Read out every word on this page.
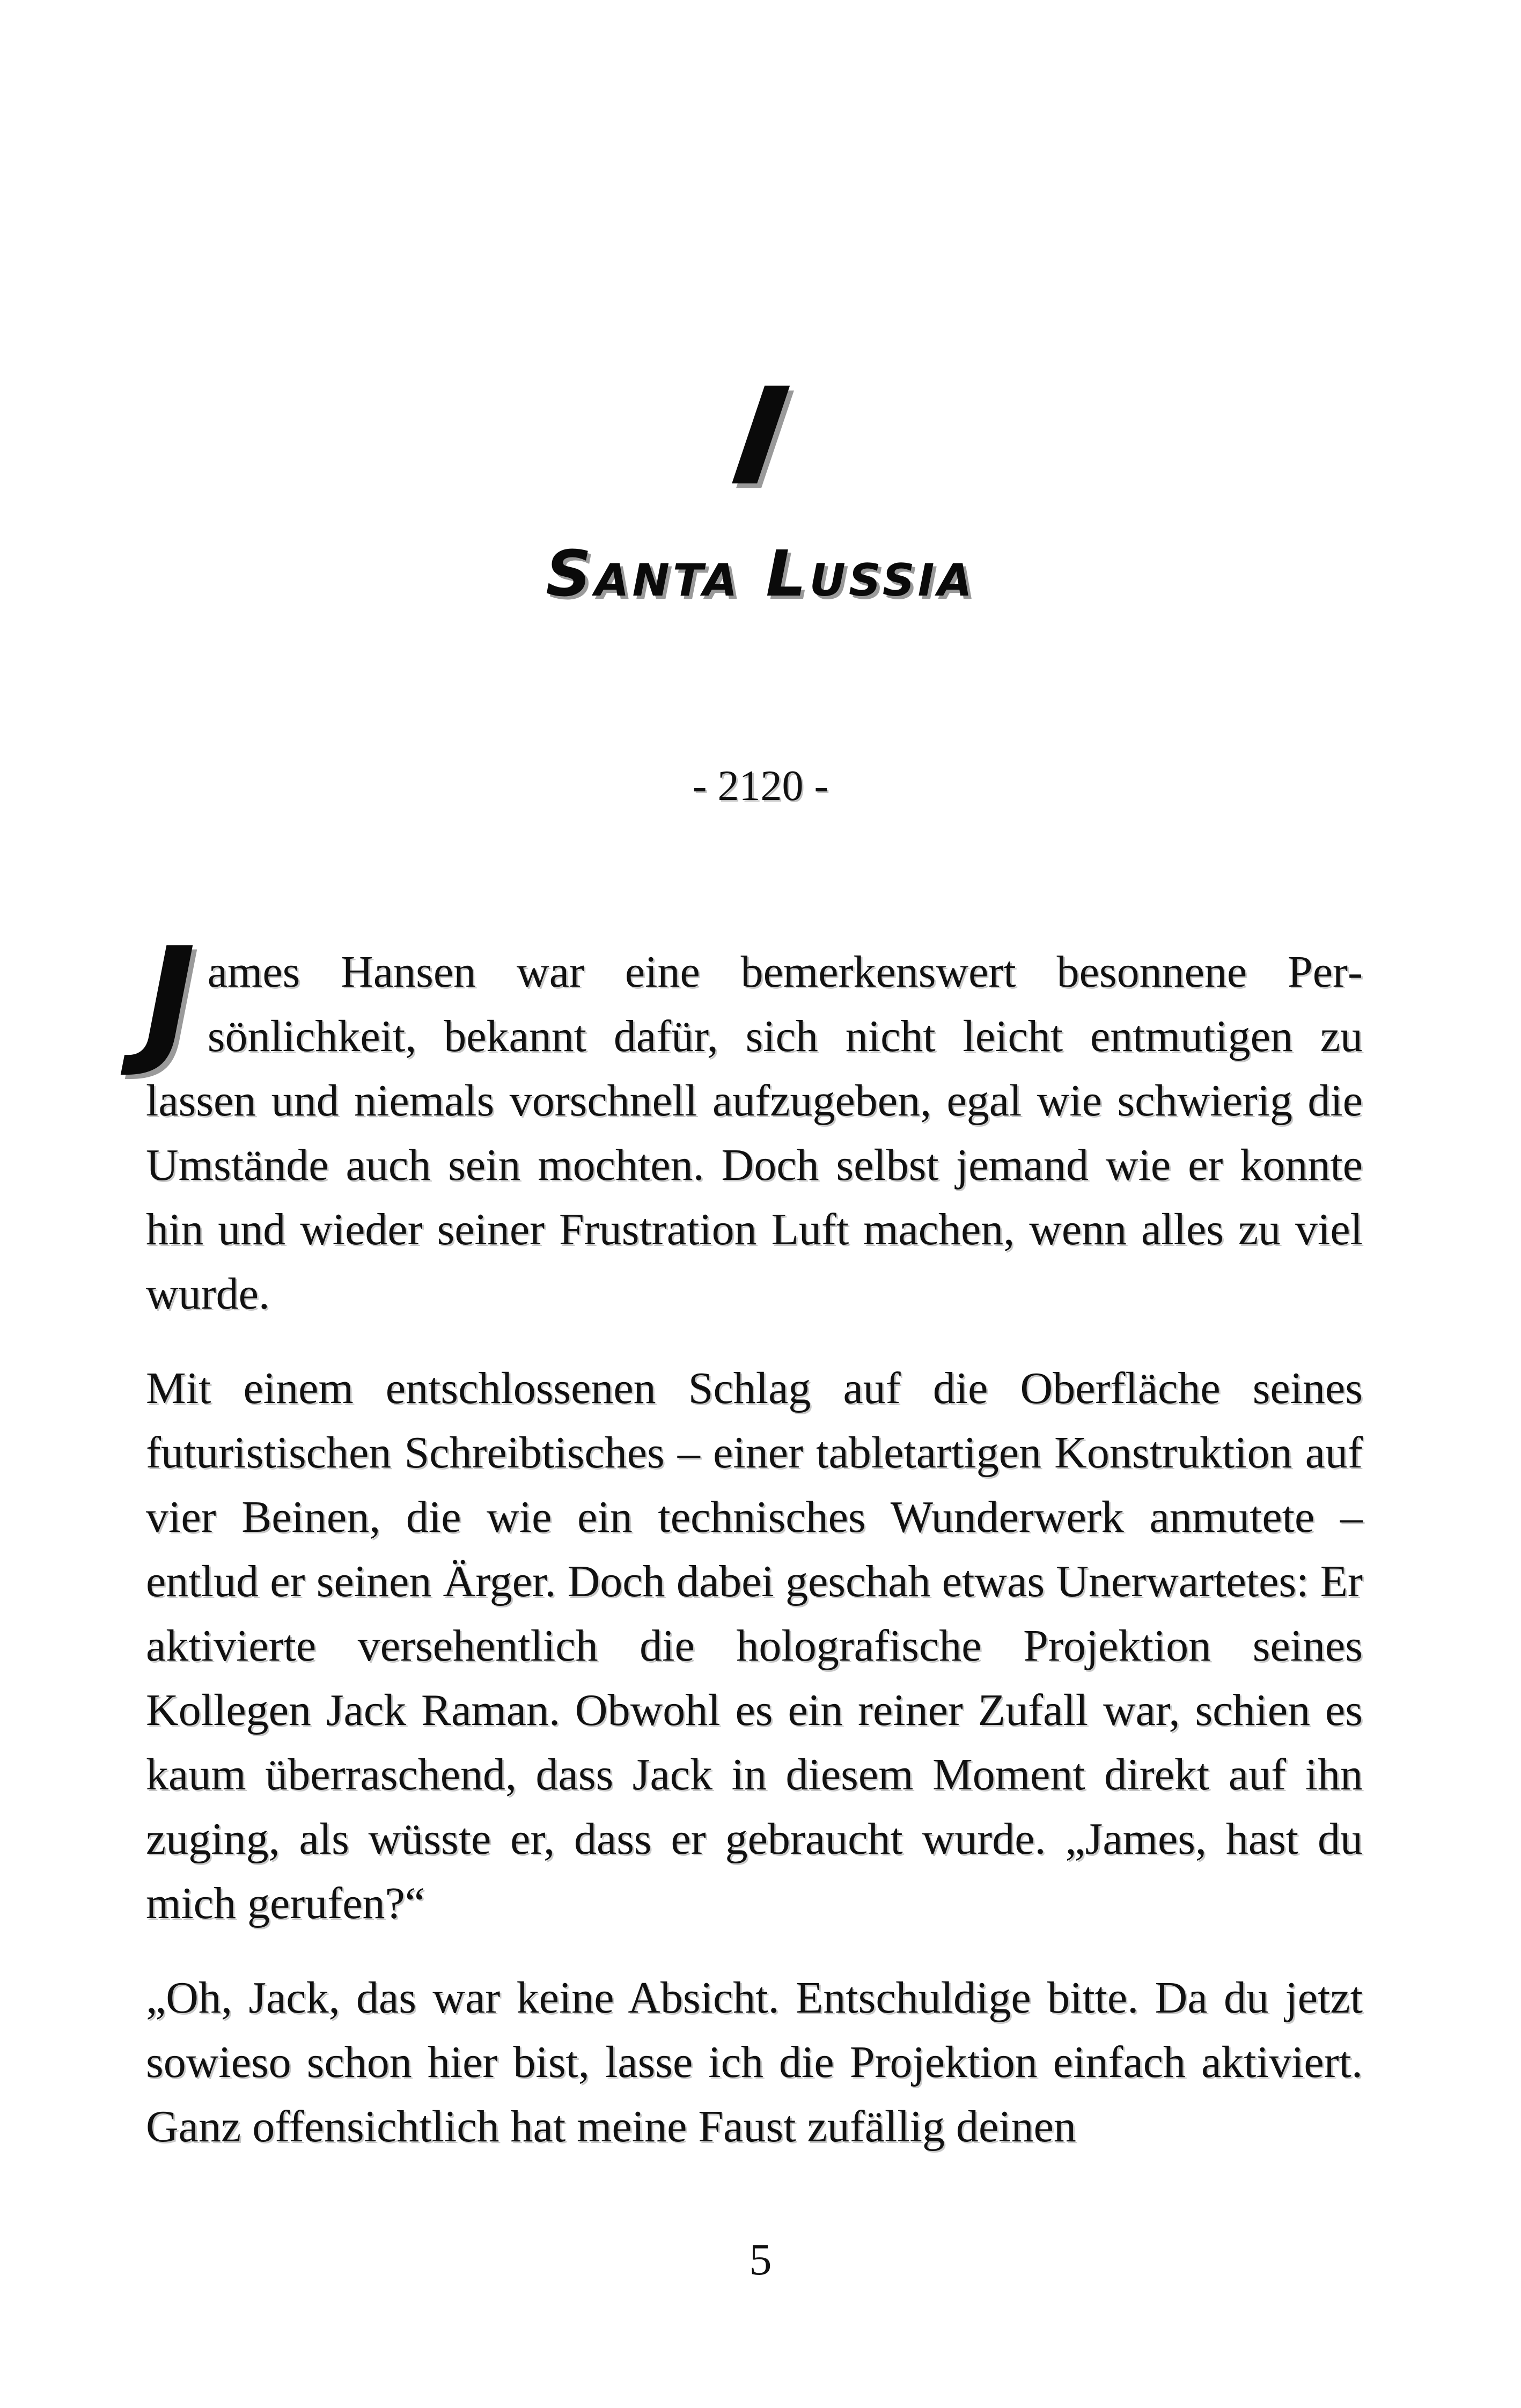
I
Santa Lussia
- 2120 -

James Hansen war eine bemerkenswert besonnene Persönlichkeit, bekannt dafür, sich nicht leicht entmutigen zu lassen und niemals vorschnell aufzugeben, egal wie schwierig die Umstände auch sein mochten. Doch selbst jemand wie er konnte hin und wieder seiner Frustration Luft machen, wenn alles zu viel wurde.

Mit einem entschlossenen Schlag auf die Oberfläche seines futuristischen Schreibtisches – einer tabletartigen Konstruktion auf vier Beinen, die wie ein technisches Wunderwerk anmutete – entlud er seinen Ärger. Doch dabei geschah etwas Unerwartetes: Er aktivierte versehentlich die holografische Projektion seines Kollegen Jack Raman. Obwohl es ein reiner Zufall war, schien es kaum überraschend, dass Jack in diesem Moment direkt auf ihn zuging, als wüsste er, dass er gebraucht wurde. „James, hast du mich gerufen?“

„Oh, Jack, das war keine Absicht. Entschuldige bitte. Da du jetzt sowieso schon hier bist, lasse ich die Projektion einfach aktiviert. Ganz offensichtlich hat meine Faust zufällig deinen

5
